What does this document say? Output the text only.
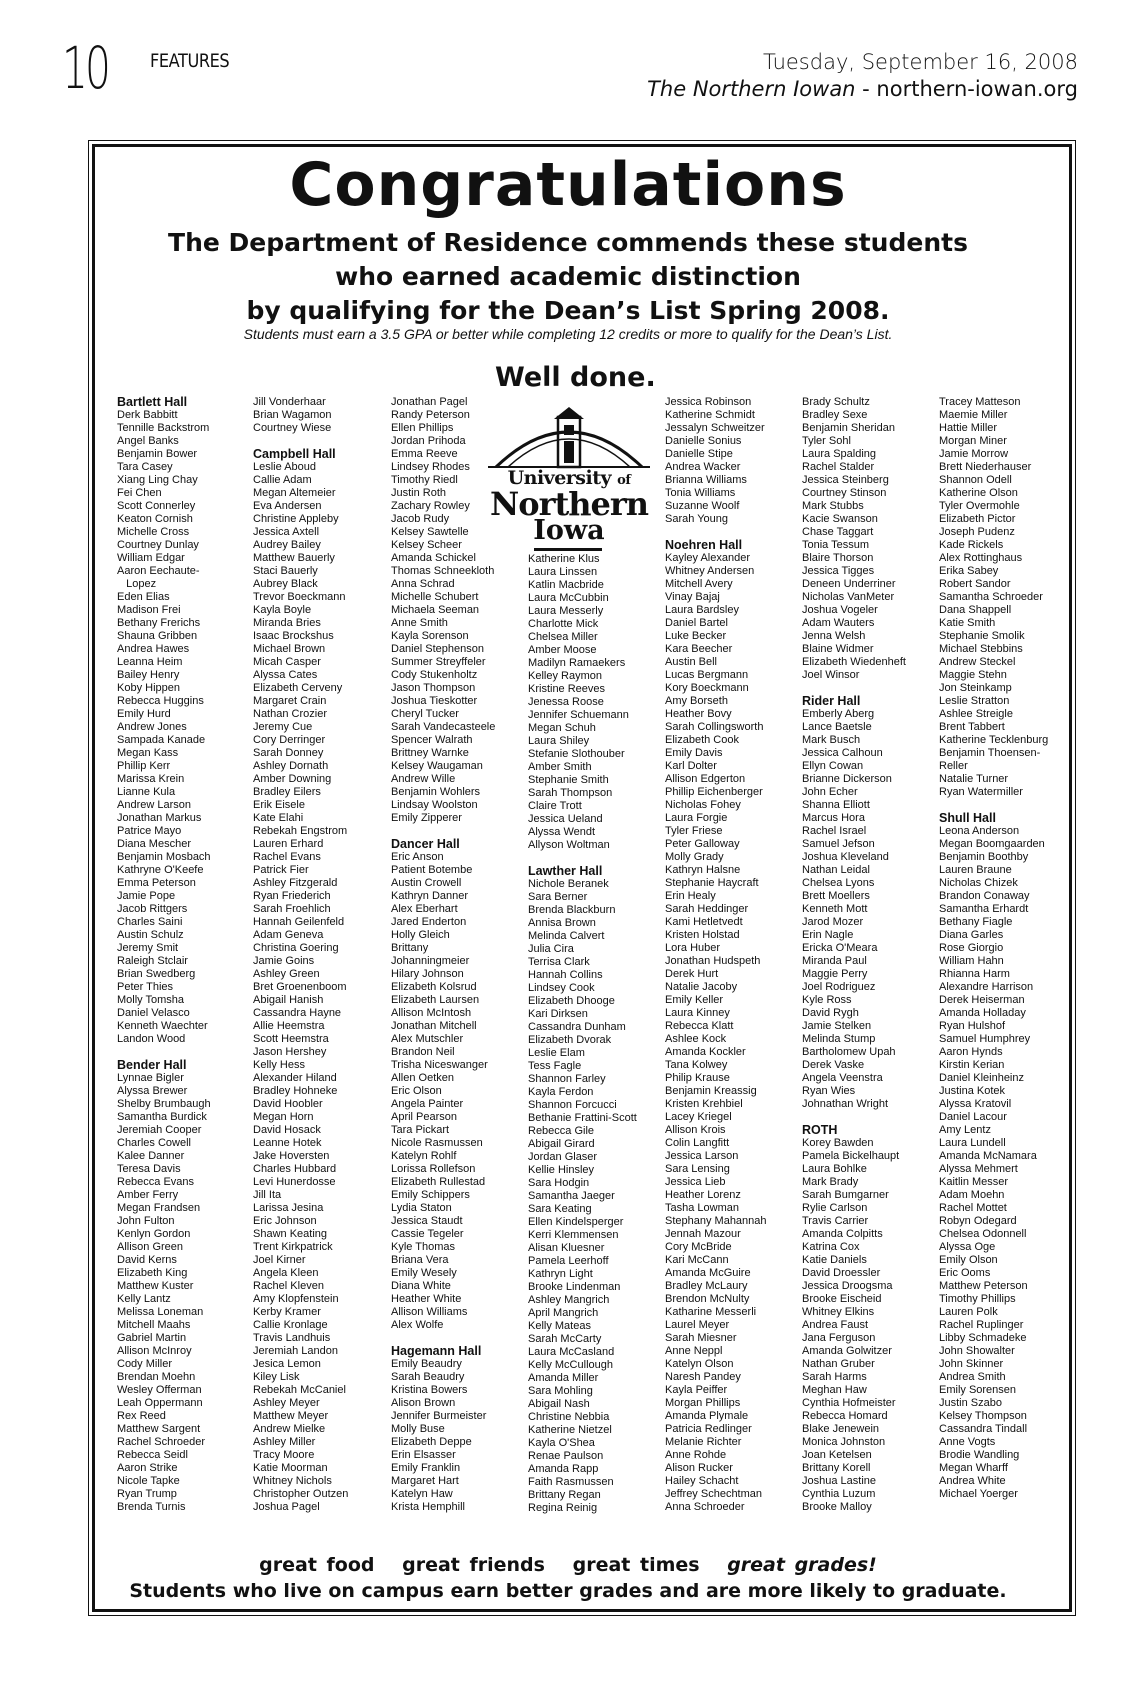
10 FEATURES	Tuesday, September 16, 2008
The Northern Iowan - northern-iowan.org
Congratulations
The Department of Residence commends these students
who earned academic distinction
by qualifying for the Dean’s List Spring 2008.
Students must earn a 3.5 GPA or better while completing 12 credits or more to qualify for the Dean’s List.
Well done.
University of
Northern
Iowa
Bartlett Hall
Derk Babbitt
Tennille Backstrom
Angel Banks
Benjamin Bower
Tara Casey
Xiang Ling Chay
Fei Chen
Scott Connerley
Keaton Cornish
Michelle Cross
Courtney Dunlay
William Edgar
Aaron Eechaute-
Lopez
Eden Elias
Madison Frei
Bethany Frerichs
Shauna Gribben
Andrea Hawes
Leanna Heim
Bailey Henry
Koby Hippen
Rebecca Huggins
Emily Hurd
Andrew Jones
Sampada Kanade
Megan Kass
Phillip Kerr
Marissa Krein
Lianne Kula
Andrew Larson
Jonathan Markus
Patrice Mayo
Diana Mescher
Benjamin Mosbach
Kathryne O'Keefe
Emma Peterson
Jamie Pope
Jacob Rittgers
Charles Saini
Austin Schulz
Jeremy Smit
Raleigh Stclair
Brian Swedberg
Peter Thies
Molly Tomsha
Daniel Velasco
Kenneth Waechter
Landon Wood
Bender Hall
Lynnae Bigler
Alyssa Brewer
Shelby Brumbaugh
Samantha Burdick
Jeremiah Cooper
Charles Cowell
Kalee Danner
Teresa Davis
Rebecca Evans
Amber Ferry
Megan Frandsen
John Fulton
Kenlyn Gordon
Allison Green
David Kerns
Elizabeth King
Matthew Kuster
Kelly Lantz
Melissa Loneman
Mitchell Maahs
Gabriel Martin
Allison McInroy
Cody Miller
Brendan Moehn
Wesley Offerman
Leah Oppermann
Rex Reed
Matthew Sargent
Rachel Schroeder
Rebecca Seidl
Aaron Strike
Nicole Tapke
Ryan Trump
Brenda Turnis
Jill Vonderhaar
Brian Wagamon
Courtney Wiese
Campbell Hall
Leslie Aboud
Callie Adam
Megan Altemeier
Eva Andersen
Christine Appleby
Jessica Axtell
Audrey Bailey
Matthew Bauerly
Staci Bauerly
Aubrey Black
Trevor Boeckmann
Kayla Boyle
Miranda Bries
Isaac Brockshus
Michael Brown
Micah Casper
Alyssa Cates
Elizabeth Cerveny
Margaret Crain
Nathan Crozier
Jeremy Cue
Cory Derringer
Sarah Donney
Ashley Dornath
Amber Downing
Bradley Eilers
Erik Eisele
Kate Elahi
Rebekah Engstrom
Lauren Erhard
Rachel Evans
Patrick Fier
Ashley Fitzgerald
Ryan Friederich
Sarah Froehlich
Hannah Geilenfeld
Adam Geneva
Christina Goering
Jamie Goins
Ashley Green
Bret Groenenboom
Abigail Hanish
Cassandra Hayne
Allie Heemstra
Scott Heemstra
Jason Hershey
Kelly Hess
Alexander Hiland
Bradley Hohneke
David Hoobler
Megan Horn
David Hosack
Leanne Hotek
Jake Hoversten
Charles Hubbard
Levi Hunerdosse
Jill Ita
Larissa Jesina
Eric Johnson
Shawn Keating
Trent Kirkpatrick
Joel Kirner
Angela Kleen
Rachel Kleven
Amy Klopfenstein
Kerby Kramer
Callie Kronlage
Travis Landhuis
Jeremiah Landon
Jesica Lemon
Kiley Lisk
Rebekah McCaniel
Ashley Meyer
Matthew Meyer
Andrew Mielke
Ashley Miller
Tracy Moore
Katie Moorman
Whitney Nichols
Christopher Outzen
Joshua Pagel
Jonathan Pagel
Randy Peterson
Ellen Phillips
Jordan Prihoda
Emma Reeve
Lindsey Rhodes
Timothy Riedl
Justin Roth
Zachary Rowley
Jacob Rudy
Kelsey Sawtelle
Kelsey Scheer
Amanda Schickel
Thomas Schneekloth
Anna Schrad
Michelle Schubert
Michaela Seeman
Anne Smith
Kayla Sorenson
Daniel Stephenson
Summer Streyffeler
Cody Stukenholtz
Jason Thompson
Joshua Tieskotter
Cheryl Tucker
Sarah Vandecasteele
Spencer Walrath
Brittney Warnke
Kelsey Waugaman
Andrew Wille
Benjamin Wohlers
Lindsay Woolston
Emily Zipperer
Dancer Hall
Eric Anson
Patient Botembe
Austin Crowell
Kathryn Danner
Alex Eberhart
Jared Enderton
Holly Gleich
Brittany
Johanningmeier
Hilary Johnson
Elizabeth Kolsrud
Elizabeth Laursen
Allison McIntosh
Jonathan Mitchell
Alex Mutschler
Brandon Neil
Trisha Niceswanger
Allen Oetken
Eric Olson
Angela Painter
April Pearson
Tara Pickart
Nicole Rasmussen
Katelyn Rohlf
Lorissa Rollefson
Elizabeth Rullestad
Emily Schippers
Lydia Staton
Jessica Staudt
Cassie Tegeler
Kyle Thomas
Briana Vera
Emily Wesely
Diana White
Heather White
Allison Williams
Alex Wolfe
Hagemann Hall
Emily Beaudry
Sarah Beaudry
Kristina Bowers
Alison Brown
Jennifer Burmeister
Molly Buse
Elizabeth Deppe
Erin Elsasser
Emily Franklin
Margaret Hart
Katelyn Haw
Krista Hemphill
Katherine Klus
Laura Linssen
Katlin Macbride
Laura McCubbin
Laura Messerly
Charlotte Mick
Chelsea Miller
Amber Moose
Madilyn Ramaekers
Kelley Raymon
Kristine Reeves
Jenessa Roose
Jennifer Schuemann
Megan Schuh
Laura Shiley
Stefanie Slothouber
Amber Smith
Stephanie Smith
Sarah Thompson
Claire Trott
Jessica Ueland
Alyssa Wendt
Allyson Woltman
Lawther Hall
Nichole Beranek
Sara Berner
Brenda Blackburn
Annisa Brown
Melinda Calvert
Julia Cira
Terrisa Clark
Hannah Collins
Lindsey Cook
Elizabeth Dhooge
Kari Dirksen
Cassandra Dunham
Elizabeth Dvorak
Leslie Elam
Tess Fagle
Shannon Farley
Kayla Ferdon
Shannon Forcucci
Bethanie Frattini-Scott
Rebecca Gile
Abigail Girard
Jordan Glaser
Kellie Hinsley
Sara Hodgin
Samantha Jaeger
Sara Keating
Ellen Kindelsperger
Kerri Klemmensen
Alisan Kluesner
Pamela Leerhoff
Kathryn Light
Brooke Lindenman
Ashley Mangrich
April Mangrich
Kelly Mateas
Sarah McCarty
Laura McCasland
Kelly McCullough
Amanda Miller
Sara Mohling
Abigail Nash
Christine Nebbia
Katherine Nietzel
Kayla O'Shea
Renae Paulson
Amanda Rapp
Faith Rasmussen
Brittany Regan
Regina Reinig
Jessica Robinson
Katherine Schmidt
Jessalyn Schweitzer
Danielle Sonius
Danielle Stipe
Andrea Wacker
Brianna Williams
Tonia Williams
Suzanne Woolf
Sarah Young
Noehren Hall
Kayley Alexander
Whitney Andersen
Mitchell Avery
Vinay Bajaj
Laura Bardsley
Daniel Bartel
Luke Becker
Kara Beecher
Austin Bell
Lucas Bergmann
Kory Boeckmann
Amy Borseth
Heather Bovy
Sarah Collingsworth
Elizabeth Cook
Emily Davis
Karl Dolter
Allison Edgerton
Phillip Eichenberger
Nicholas Fohey
Laura Forgie
Tyler Friese
Peter Galloway
Molly Grady
Kathryn Halsne
Stephanie Haycraft
Erin Healy
Sarah Heddinger
Kami Hetletvedt
Kristen Holstad
Lora Huber
Jonathan Hudspeth
Derek Hurt
Natalie Jacoby
Emily Keller
Laura Kinney
Rebecca Klatt
Ashlee Kock
Amanda Kockler
Tana Kolwey
Philip Krause
Benjamin Kreassig
Kristen Krehbiel
Lacey Kriegel
Allison Krois
Colin Langfitt
Jessica Larson
Sara Lensing
Jessica Lieb
Heather Lorenz
Tasha Lowman
Stephany Mahannah
Jennah Mazour
Cory McBride
Kari McCann
Amanda McGuire
Bradley McLaury
Brendon McNulty
Katharine Messerli
Laurel Meyer
Sarah Miesner
Anne Neppl
Katelyn Olson
Naresh Pandey
Kayla Peiffer
Morgan Phillips
Amanda Plymale
Patricia Redlinger
Melanie Richter
Anne Rohde
Alison Rucker
Hailey Schacht
Jeffrey Schechtman
Anna Schroeder
Brady Schultz
Bradley Sexe
Benjamin Sheridan
Tyler Sohl
Laura Spalding
Rachel Stalder
Jessica Steinberg
Courtney Stinson
Mark Stubbs
Kacie Swanson
Chase Taggart
Tonia Tessum
Blaire Thorson
Jessica Tigges
Deneen Underriner
Nicholas VanMeter
Joshua Vogeler
Adam Wauters
Jenna Welsh
Blaine Widmer
Elizabeth Wiedenheft
Joel Winsor
Rider Hall
Emberly Aberg
Lance Baetsle
Mark Busch
Jessica Calhoun
Ellyn Cowan
Brianne Dickerson
John Echer
Shanna Elliott
Marcus Hora
Rachel Israel
Samuel Jefson
Joshua Kleveland
Nathan Leidal
Chelsea Lyons
Brett Moellers
Kenneth Mott
Jarod Mozer
Erin Nagle
Ericka O'Meara
Miranda Paul
Maggie Perry
Joel Rodriguez
Kyle Ross
David Rygh
Jamie Stelken
Melinda Stump
Bartholomew Upah
Derek Vaske
Angela Veenstra
Ryan Wies
Johnathan Wright
ROTH
Korey Bawden
Pamela Bickelhaupt
Laura Bohlke
Mark Brady
Sarah Bumgarner
Rylie Carlson
Travis Carrier
Amanda Colpitts
Katrina Cox
Katie Daniels
David Droessler
Jessica Droogsma
Brooke Eischeid
Whitney Elkins
Andrea Faust
Jana Ferguson
Amanda Golwitzer
Nathan Gruber
Sarah Harms
Meghan Haw
Cynthia Hofmeister
Rebecca Homard
Blake Jenewein
Monica Johnston
Joan Ketelsen
Brittany Korell
Joshua Lastine
Cynthia Luzum
Brooke Malloy
Tracey Matteson
Maemie Miller
Hattie Miller
Morgan Miner
Jamie Morrow
Brett Niederhauser
Shannon Odell
Katherine Olson
Tyler Overmohle
Elizabeth Pictor
Joseph Pudenz
Kade Rickels
Alex Rottinghaus
Erika Sabey
Robert Sandor
Samantha Schroeder
Dana Shappell
Katie Smith
Stephanie Smolik
Michael Stebbins
Andrew Steckel
Maggie Stehn
Jon Steinkamp
Leslie Stratton
Ashlee Streigle
Brent Tabbert
Katherine Tecklenburg
Benjamin Thoensen-
Reller
Natalie Turner
Ryan Watermiller
Shull Hall
Leona Anderson
Megan Boomgaarden
Benjamin Boothby
Lauren Braune
Nicholas Chizek
Brandon Conaway
Samantha Erhardt
Bethany Fiagle
Diana Garles
Rose Giorgio
William Hahn
Rhianna Harm
Alexandre Harrison
Derek Heiserman
Amanda Holladay
Ryan Hulshof
Samuel Humphrey
Aaron Hynds
Kirstin Kerian
Daniel Kleinheinz
Justina Kotek
Alyssa Kratovil
Daniel Lacour
Amy Lentz
Laura Lundell
Amanda McNamara
Alyssa Mehmert
Kaitlin Messer
Adam Moehn
Rachel Mottet
Robyn Odegard
Chelsea Odonnell
Alyssa Oge
Emily Olson
Eric Ooms
Matthew Peterson
Timothy Phillips
Lauren Polk
Rachel Ruplinger
Libby Schmadeke
John Showalter
John Skinner
Andrea Smith
Emily Sorensen
Justin Szabo
Kelsey Thompson
Cassandra Tindall
Anne Vogts
Brodie Wandling
Megan Wharff
Andrea White
Michael Yoerger
great food great friends great times great grades!
Students who live on campus earn better grades and are more likely to graduate.
